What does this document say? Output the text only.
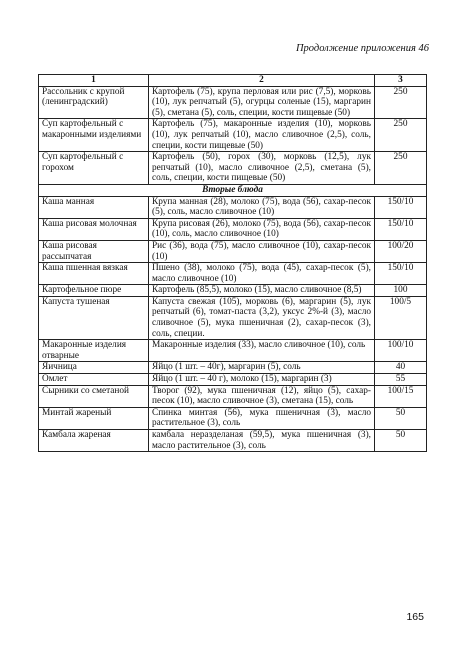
Продолжение приложения 46
1	2	3
Рассольник с крупой (ленинградский)	Картофель (75), крупа перловая или рис (7,5), морковь (10), лук репчатый (5), огурцы соленые (15), маргарин (5), сметана (5), соль, специи, кости пищевые (50)	250
Суп картофельный с макаронными изделиями	Картофель (75), макаронные изделия (10), морковь (10), лук репчатый (10), масло сливочное (2,5), соль, специи, кости пищевые (50)	250
Суп картофельный с горохом	Картофель (50), горох (30), морковь (12,5), лук репчатый (10), масло сливочное (2,5), сметана (5), соль, специи, кости пищевые (50)	250
Вторые блюда		
Каша манная	Крупа манная (28), молоко (75), вода (56), сахар-песок (5), соль, масло сливочное (10)	150/10
Каша рисовая молочная	Крупа рисовая (26), молоко (75), вода (56), сахар-песок (10), соль, масло сливочное (10)	150/10
Каша рисовая рассыпчатая	Рис (36), вода (75), масло сливочное (10), сахар-песок (10)	100/20
Каша пшенная вязкая	Пшено (38), молоко (75), вода (45), сахар-песок (5), масло сливочное (10)	150/10
Картофельное пюре	Картофель (85,5), молоко (15), масло сливочное (8,5)	100
Капуста тушеная	Капуста свежая (105), морковь (6), маргарин (5), лук репчатый (6), томат-паста (3,2), уксус 2%-й (3), масло сливочное (5), мука пшеничная (2), сахар-песок (3), соль, специи.	100/5
Макаронные изделия отварные	Макаронные изделия (33), масло сливочное (10), соль	100/10
Яичница	Яйцо (1 шт. – 40г), маргарин (5), соль	40
Омлет	Яйцо (1 шт. – 40 г), молоко (15), маргарин (3)	55
Сырники со сметаной	Творог (92), мука пшеничная (12), яйцо (5), сахар-песок (10), масло сливочное (3), сметана (15), соль	100/15
Минтай жареный	Спинка минтая (56), мука пшеничная (3), масло растительное (3), соль	50
Камбала жареная	камбала неразделаная (59,5), мука пшеничная (3), масло растительное (3), соль	50
165
